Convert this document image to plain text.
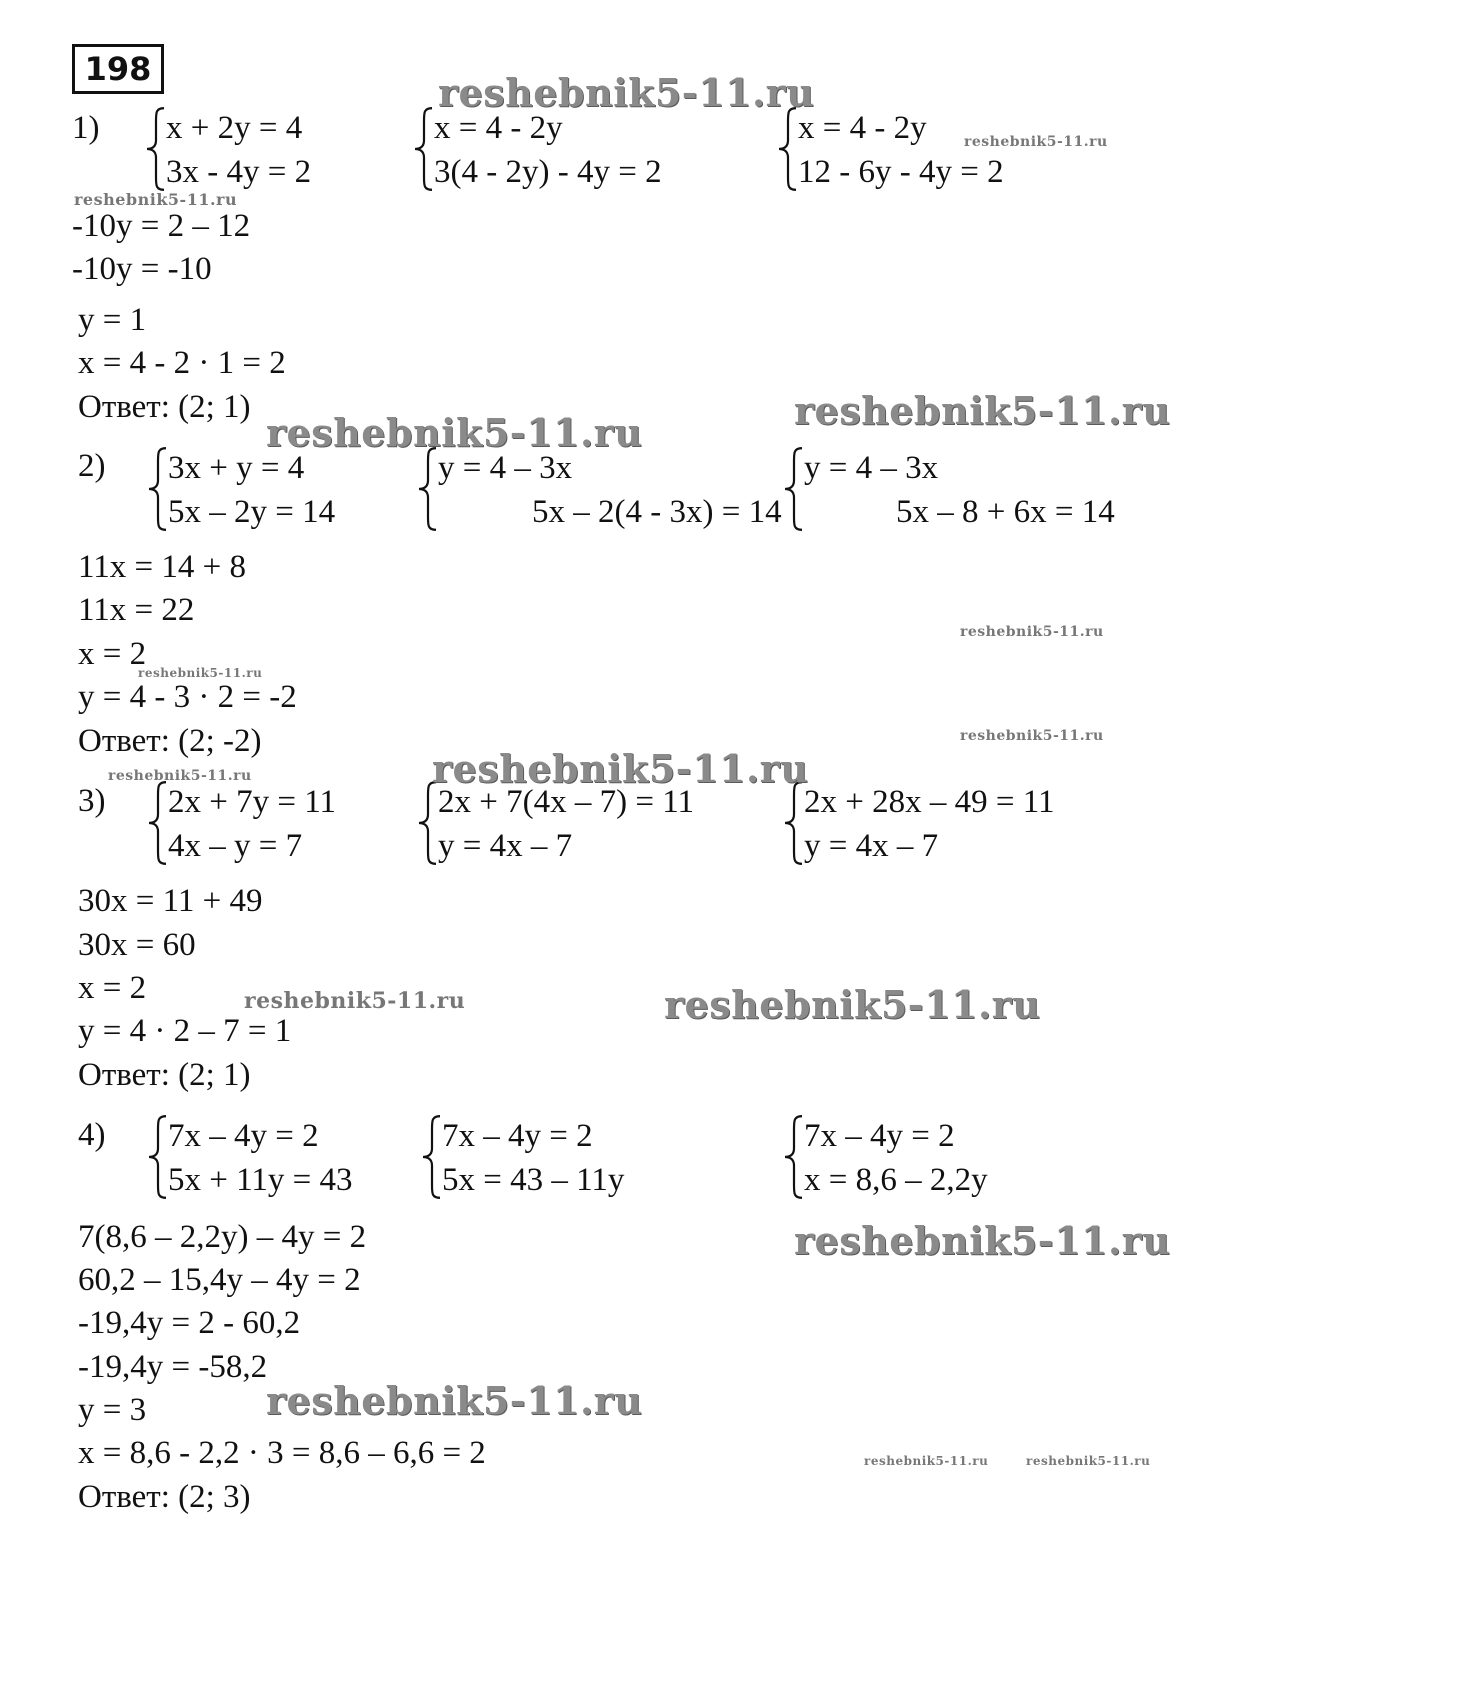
198
1) x + 2y = 4
3x - 4y = 2
x = 4 - 2y
3(4 - 2y) - 4y = 2
x = 4 - 2y
12 - 6y - 4y = 2
-10y = 2 – 12
-10y = -10
y = 1
x = 4 - 2 · 1 = 2
Ответ: (2; 1)
2) 3x + y = 4
5x – 2y = 14
y = 4 – 3x
5x – 2(4 - 3x) = 14
y = 4 – 3x
5x – 8 + 6x = 14
11x = 14 + 8
11x = 22
x = 2
y = 4 - 3 · 2 = -2
Ответ: (2; -2)
3) 2x + 7y = 11
4x – y = 7
2x + 7(4x – 7) = 11
y = 4x – 7
2x + 28x – 49 = 11
y = 4x – 7
30x = 11 + 49
30x = 60
x = 2
y = 4 · 2 – 7 = 1
Ответ: (2; 1)
4) 7x – 4y = 2
5x + 11y = 43
7x – 4y = 2
5x = 43 – 11y
7x – 4y = 2
x = 8,6 – 2,2y
7(8,6 – 2,2y) – 4y = 2
60,2 – 15,4y – 4y = 2
-19,4y = 2 - 60,2
-19,4y = -58,2
y = 3
x = 8,6 - 2,2 · 3 = 8,6 – 6,6 = 2
Ответ: (2; 3)
reshebnik5-11.ru
reshebnik5-11.ru
reshebnik5-11.ru
reshebnik5-11.ru
reshebnik5-11.ru
reshebnik5-11.ru
reshebnik5-11.ru
reshebnik5-11.ru
reshebnik5-11.ru
reshebnik5-11.ru
reshebnik5-11.ru
reshebnik5-11.ru
reshebnik5-11.ru
reshebnik5-11.ru
reshebnik5-11.ru	reshebnik5-11.ru
